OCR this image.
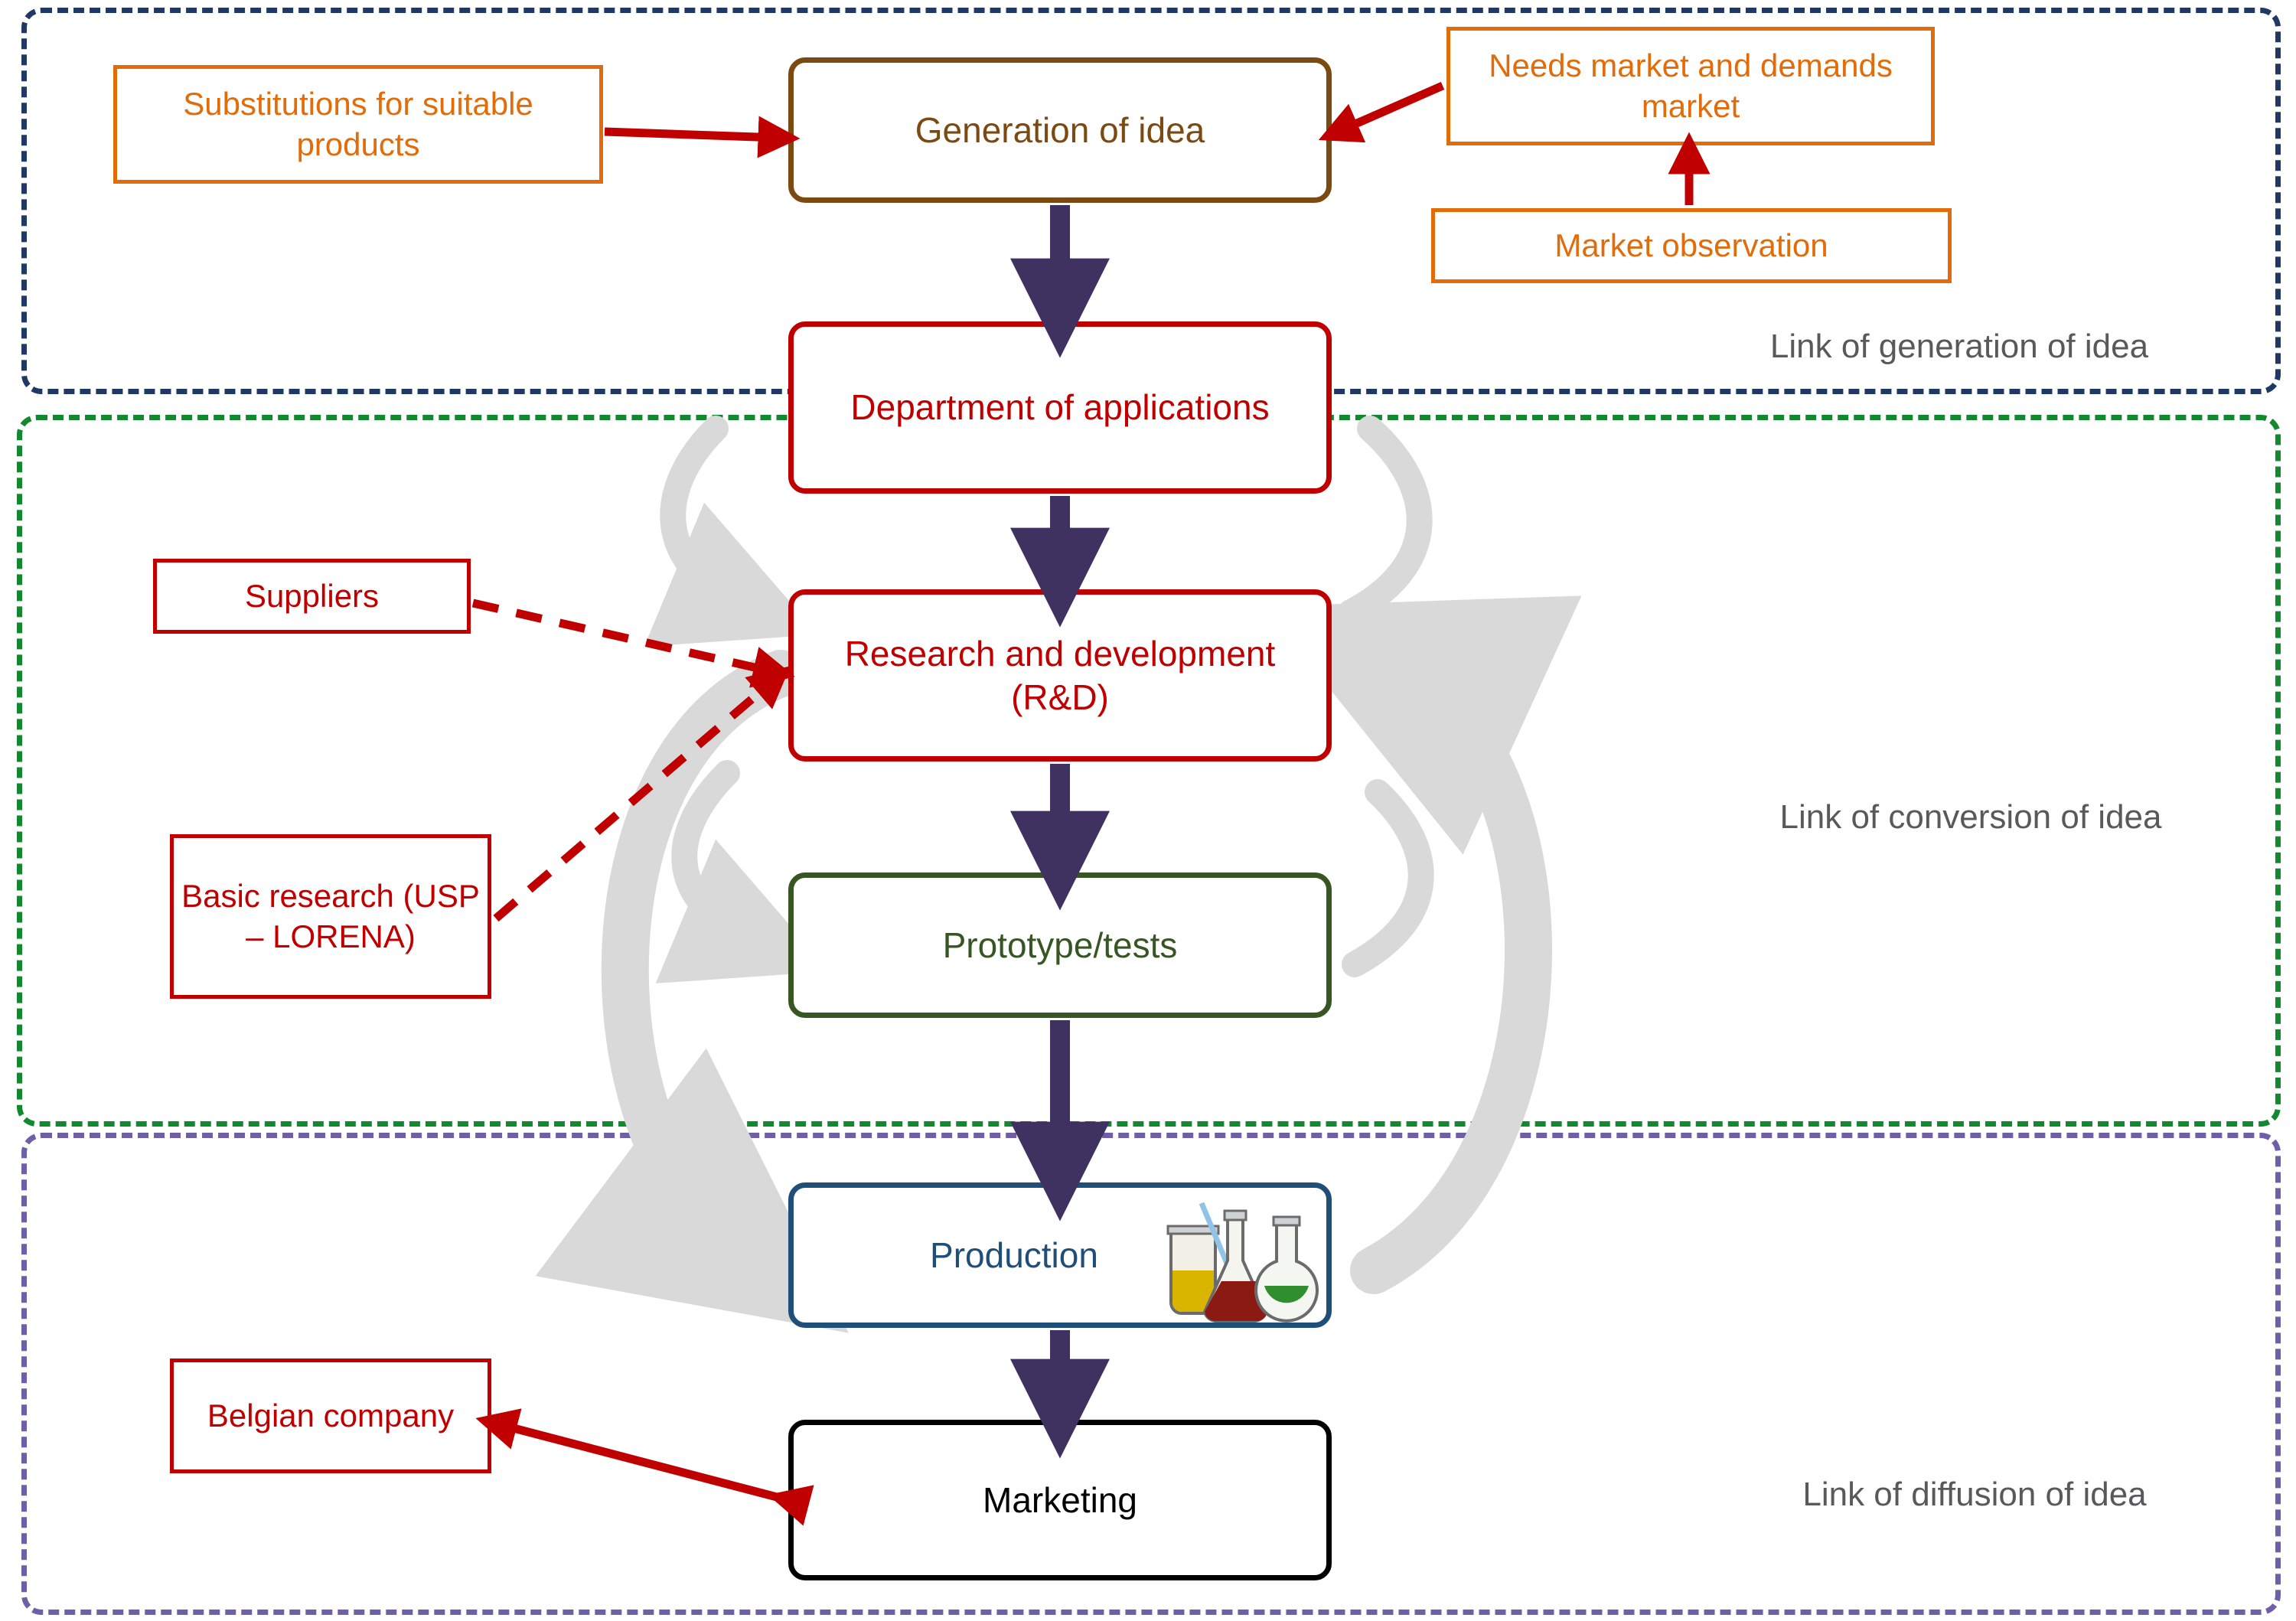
Link of generation of idea
Link of conversion of idea
Link of diffusion of idea
Generation of idea
Department of applications
Research and development (R&D)
Prototype/tests
Production
Marketing
Substitutions for suitable products
Needs market and demands market
Market observation
Suppliers
Basic research (USP – LORENA)
Belgian company
